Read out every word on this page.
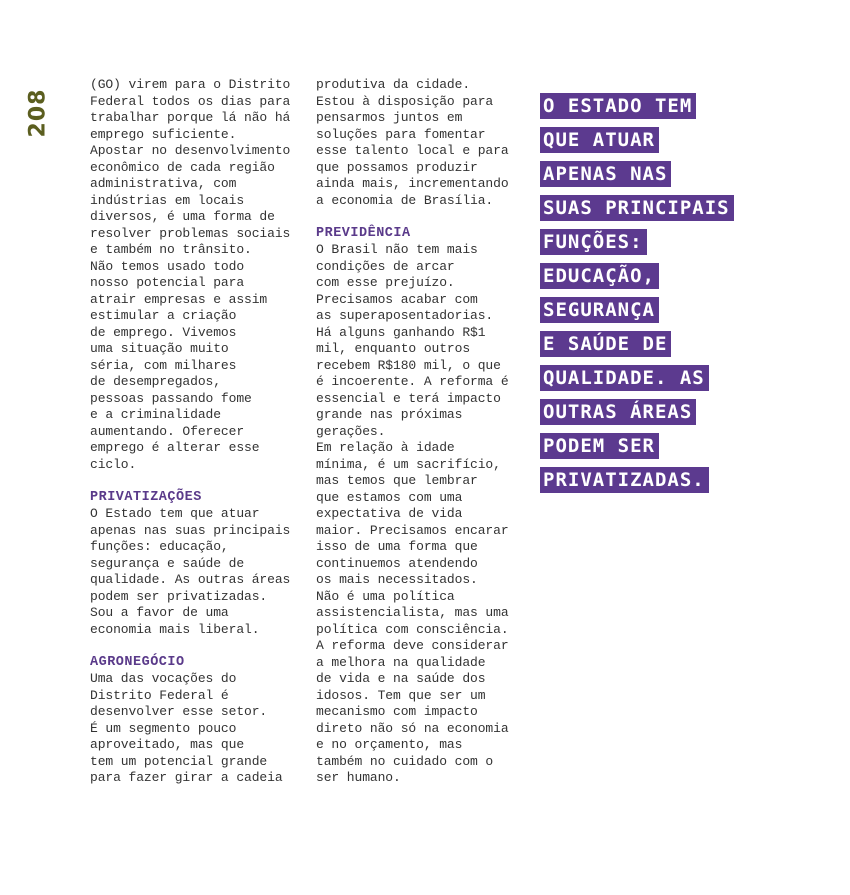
208
(GO) virem para o Distrito
Federal todos os dias para
trabalhar porque lá não há
emprego suficiente.
Apostar no desenvolvimento
econômico de cada região
administrativa, com
indústrias em locais
diversos, é uma forma de
resolver problemas sociais
e também no trânsito.
Não temos usado todo
nosso potencial para
atrair empresas e assim
estimular a criação
de emprego. Vivemos
uma situação muito
séria, com milhares
de desempregados,
pessoas passando fome
e a criminalidade
aumentando. Oferecer
emprego é alterar esse
ciclo.
PRIVATIZAÇÕES
O Estado tem que atuar
apenas nas suas principais
funções: educação,
segurança e saúde de
qualidade. As outras áreas
podem ser privatizadas.
Sou a favor de uma
economia mais liberal.
AGRONEGÓCIO
Uma das vocações do
Distrito Federal é
desenvolver esse setor.
É um segmento pouco
aproveitado, mas que
tem um potencial grande
para fazer girar a cadeia
produtiva da cidade.
Estou à disposição para
pensarmos juntos em
soluções para fomentar
esse talento local e para
que possamos produzir
ainda mais, incrementando
a economia de Brasília.
PREVIDÊNCIA
O Brasil não tem mais
condições de arcar
com esse prejuízo.
Precisamos acabar com
as superaposentadorias.
Há alguns ganhando R$1
mil, enquanto outros
recebem R$180 mil, o que
é incoerente. A reforma é
essencial e terá impacto
grande nas próximas
gerações.
Em relação à idade
mínima, é um sacrifício,
mas temos que lembrar
que estamos com uma
expectativa de vida
maior. Precisamos encarar
isso de uma forma que
continuemos atendendo
os mais necessitados.
Não é uma política
assistencialista, mas uma
política com consciência.
A reforma deve considerar
a melhora na qualidade
de vida e na saúde dos
idosos. Tem que ser um
mecanismo com impacto
direto não só na economia
e no orçamento, mas
também no cuidado com o
ser humano.
O ESTADO TEM
QUE ATUAR
APENAS NAS
SUAS PRINCIPAIS
FUNÇÕES:
EDUCAÇÃO,
SEGURANÇA
E SAÚDE DE
QUALIDADE. AS
OUTRAS ÁREAS
PODEM SER
PRIVATIZADAS.
